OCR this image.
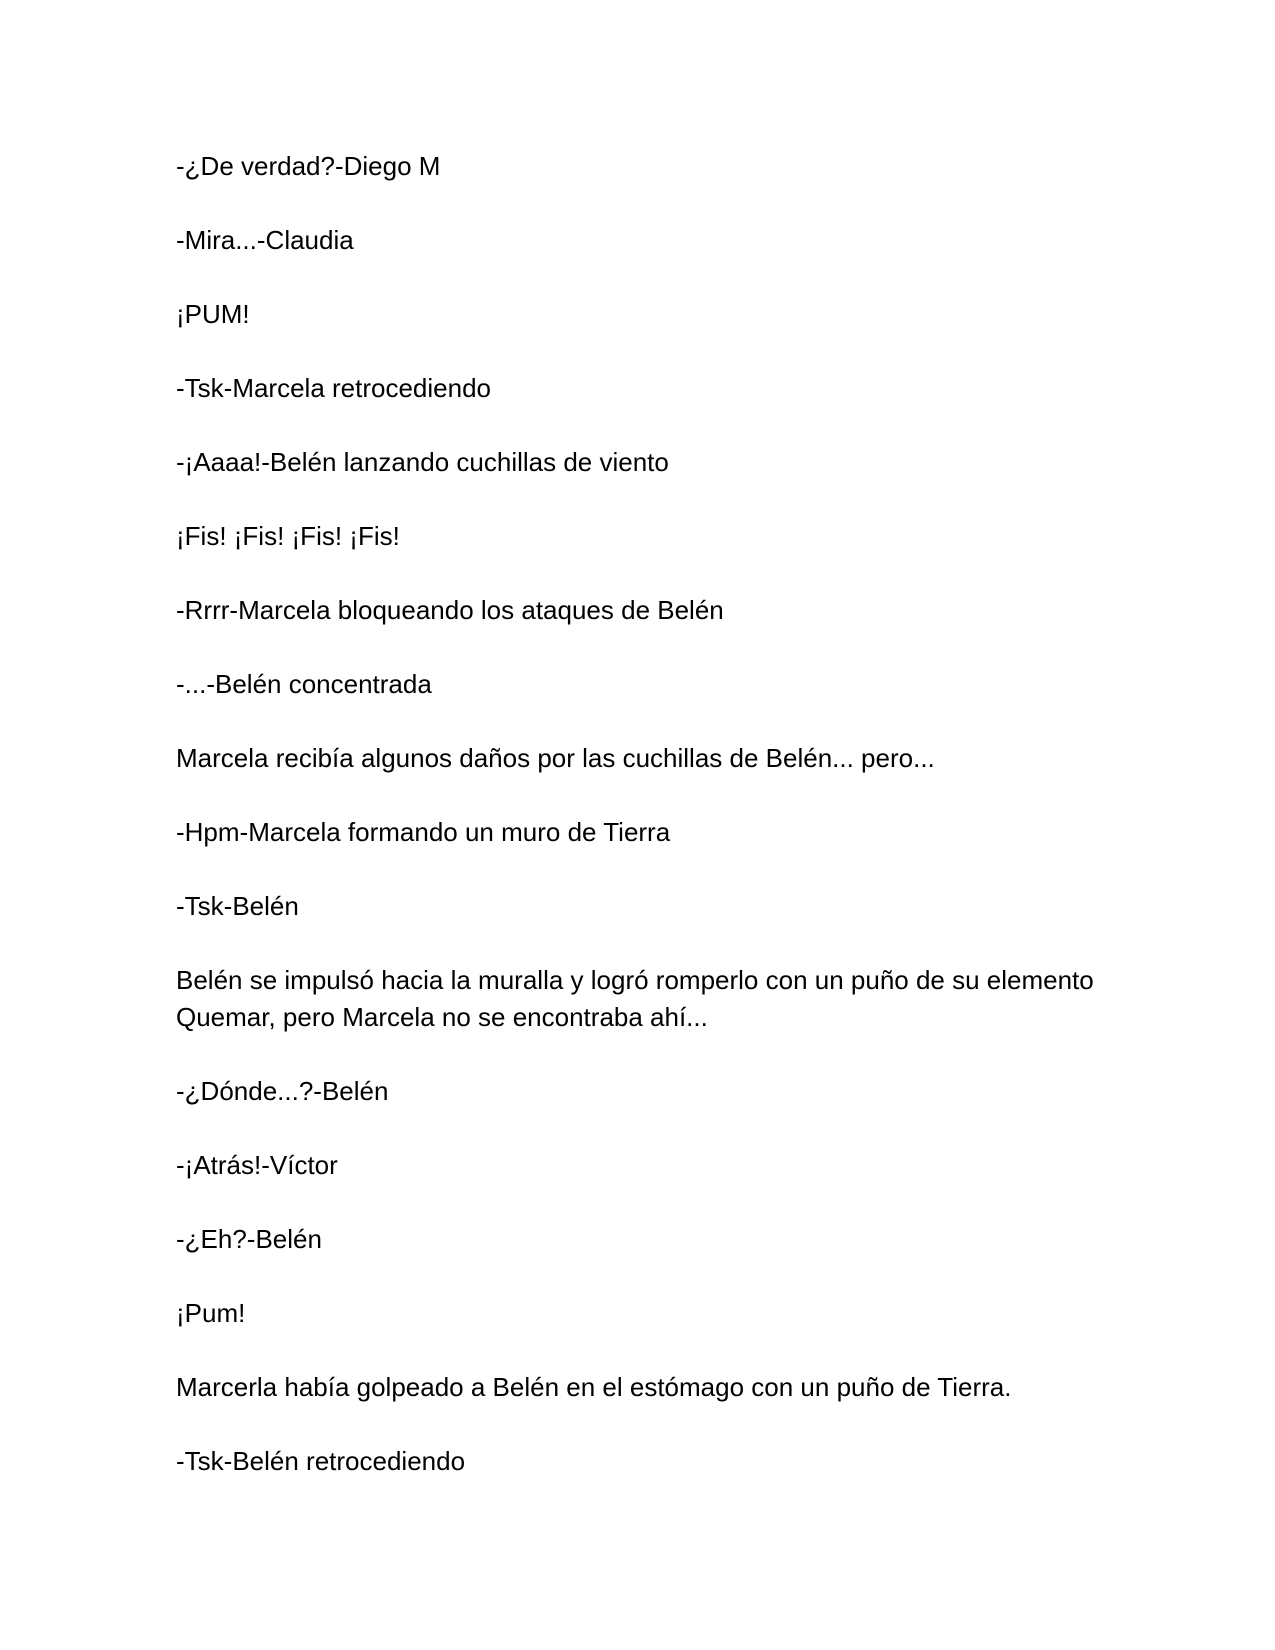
-¿De verdad?-Diego M

-Mira...-Claudia

¡PUM!

-Tsk-Marcela retrocediendo

-¡Aaaa!-Belén lanzando cuchillas de viento

¡Fis! ¡Fis! ¡Fis! ¡Fis!

-Rrrr-Marcela bloqueando los ataques de Belén

-...-Belén concentrada

Marcela recibía algunos daños por las cuchillas de Belén... pero...

-Hpm-Marcela formando un muro de Tierra

-Tsk-Belén

Belén se impulsó hacia la muralla y logró romperlo con un puño de su elemento Quemar, pero Marcela no se encontraba ahí...

-¿Dónde...?-Belén

-¡Atrás!-Víctor

-¿Eh?-Belén

¡Pum!

Marcerla había golpeado a Belén en el estómago con un puño de Tierra.

-Tsk-Belén retrocediendo
